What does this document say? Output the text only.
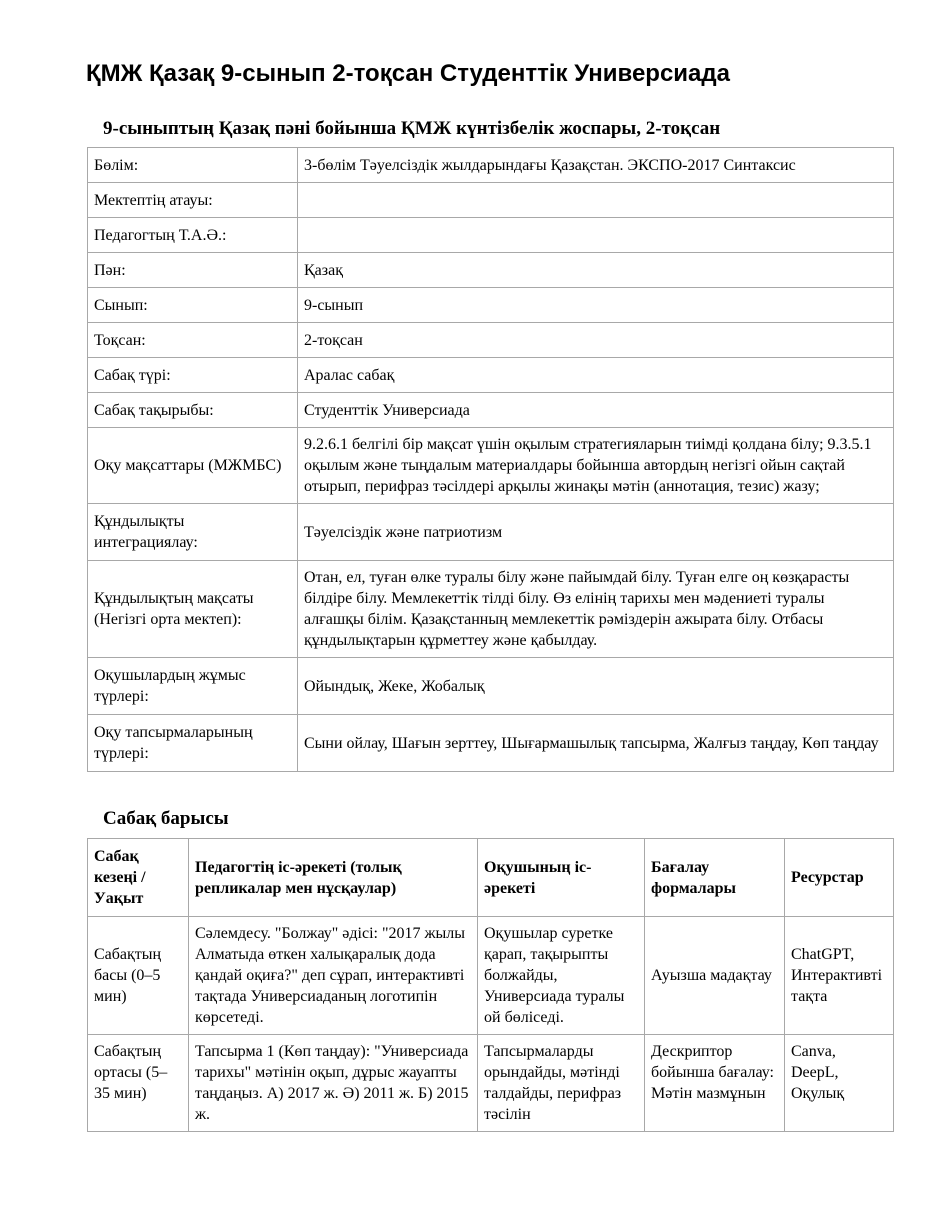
ҚМЖ Қазақ 9-сынып 2-тоқсан Студенттік Универсиада
9-сыныптың Қазақ пәні бойынша ҚМЖ күнтізбелік жоспары, 2-тоқсан
Бөлім:	3-бөлім Тәуелсіздік жылдарындағы Қазақстан. ЭКСПО-2017 Синтаксис
Мектептің атауы:	
Педагогтың Т.А.Ә.:	
Пән:	Қазақ
Сынып:	9-сынып
Тоқсан:	2-тоқсан
Сабақ түрі:	Аралас сабақ
Сабақ тақырыбы:	Студенттік Универсиада
Оқу мақсаттары (МЖМБС)	9.2.6.1 белгілі бір мақсат үшін оқылым стратегияларын тиімді қолдана білу; 9.3.5.1 оқылым және тыңдалым материалдары бойынша автордың негізгі ойын сақтай отырып, перифраз тәсілдері арқылы жинақы мәтін (аннотация, тезис) жазу;
Құндылықты интеграциялау:	Тәуелсіздік және патриотизм
Құндылықтың мақсаты (Негізгі орта мектеп):	Отан, ел, туған өлке туралы білу және пайымдай білу. Туған елге оң көзқарасты білдіре білу. Мемлекеттік тілді білу. Өз елінің тарихы мен мәдениеті туралы алғашқы білім. Қазақстанның мемлекеттік рәміздерін ажырата білу. Отбасы құндылықтарын құрметтеу және қабылдау.
Оқушылардың жұмыс түрлері:	Ойындық, Жеке, Жобалық
Оқу тапсырмаларының түрлері:	Сыни ойлау, Шағын зерттеу, Шығармашылық тапсырма, Жалғыз таңдау, Көп таңдау
Сабақ барысы
Сабақ кезеңі / Уақыт	Педагогтің іс-әрекеті (толық репликалар мен нұсқаулар)	Оқушының іс-әрекеті	Бағалау формалары	Ресурстар
Сабақтың басы (0–5 мин)	Сәлемдесу. "Болжау" әдісі: "2017 жылы Алматыда өткен халықаралық дода қандай оқиға?" деп сұрап, интерактивті тақтада Универсиаданың логотипін көрсетеді.	Оқушылар суретке қарап, тақырыпты болжайды, Универсиада туралы ой бөліседі.	Ауызша мадақтау	ChatGPT, Интерактивті тақта
Сабақтың ортасы (5–35 мин)	Тапсырма 1 (Көп таңдау): "Универсиада тарихы" мәтінін оқып, дұрыс жауапты таңдаңыз. А) 2017 ж. Ә) 2011 ж. Б) 2015 ж.	Тапсырмаларды орындайды, мәтінді талдайды, перифраз тәсілін	Дескриптор бойынша бағалау: Мәтін мазмұнын	Canva, DeepL, Оқулық
